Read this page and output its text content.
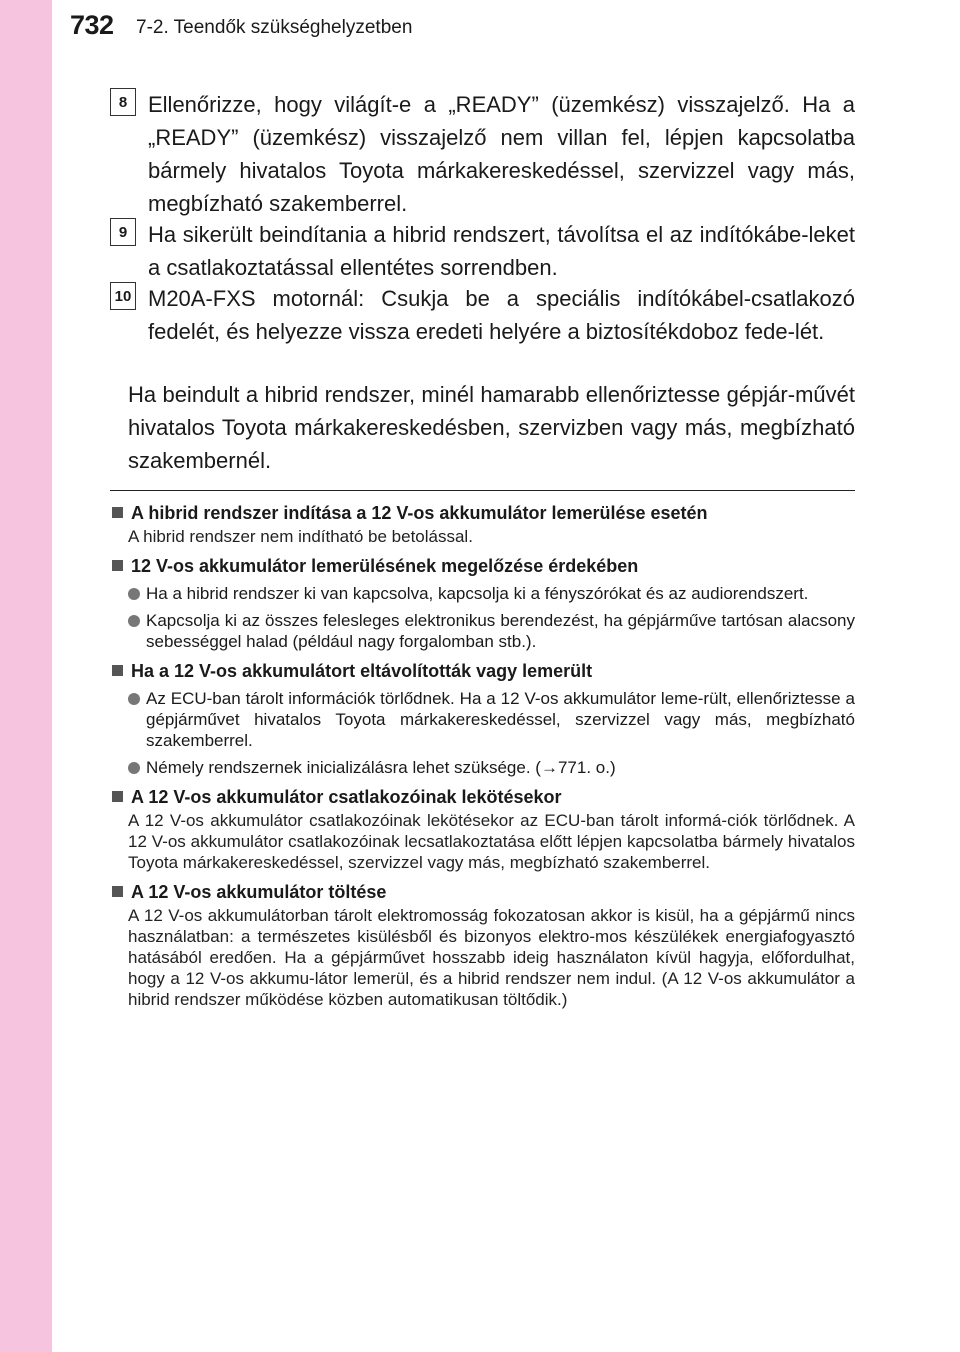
732 7-2. Teendők szükséghelyzetben
8 Ellenőrizze, hogy világít-e a „READY” (üzemkész) visszajelző. Ha a „READY” (üzemkész) visszajelző nem villan fel, lépjen kapcsolatba bármely hivatalos Toyota márkakereskedéssel, szervizzel vagy más, megbízható szakemberrel.
9 Ha sikerült beindítania a hibrid rendszert, távolítsa el az indítókábe-leket a csatlakoztatással ellentétes sorrendben.
10 M20A-FXS motornál: Csukja be a speciális indítókábel-csatlakozó fedelét, és helyezze vissza eredeti helyére a biztosítékdoboz fede-lét.
Ha beindult a hibrid rendszer, minél hamarabb ellenőriztesse gépjár-művét hivatalos Toyota márkakereskedésben, szervizben vagy más, megbízható szakembernél.
A hibrid rendszer indítása a 12 V-os akkumulátor lemerülése esetén
A hibrid rendszer nem indítható be betolással.
12 V-os akkumulátor lemerülésének megelőzése érdekében
Ha a hibrid rendszer ki van kapcsolva, kapcsolja ki a fényszórókat és az audiorendszert.
Kapcsolja ki az összes felesleges elektronikus berendezést, ha gépjárműve tartósan alacsony sebességgel halad (például nagy forgalomban stb.).
Ha a 12 V-os akkumulátort eltávolították vagy lemerült
Az ECU-ban tárolt információk törlődnek. Ha a 12 V-os akkumulátor leme-rült, ellenőriztesse a gépjárművet hivatalos Toyota márkakereskedéssel, szervizzel vagy más, megbízható szakemberrel.
Némely rendszernek inicializálásra lehet szüksége. (→771. o.)
A 12 V-os akkumulátor csatlakozóinak lekötésekor
A 12 V-os akkumulátor csatlakozóinak lekötésekor az ECU-ban tárolt informá-ciók törlődnek. A 12 V-os akkumulátor csatlakozóinak lecsatlakoztatása előtt lépjen kapcsolatba bármely hivatalos Toyota márkakereskedéssel, szervizzel vagy más, megbízható szakemberrel.
A 12 V-os akkumulátor töltése
A 12 V-os akkumulátorban tárolt elektromosság fokozatosan akkor is kisül, ha a gépjármű nincs használatban: a természetes kisülésből és bizonyos elektro-mos készülékek energiafogyasztó hatásából eredően. Ha a gépjárművet hosszabb ideig használaton kívül hagyja, előfordulhat, hogy a 12 V-os akkumu-látor lemerül, és a hibrid rendszer nem indul. (A 12 V-os akkumulátor a hibrid rendszer működése közben automatikusan töltődik.)
